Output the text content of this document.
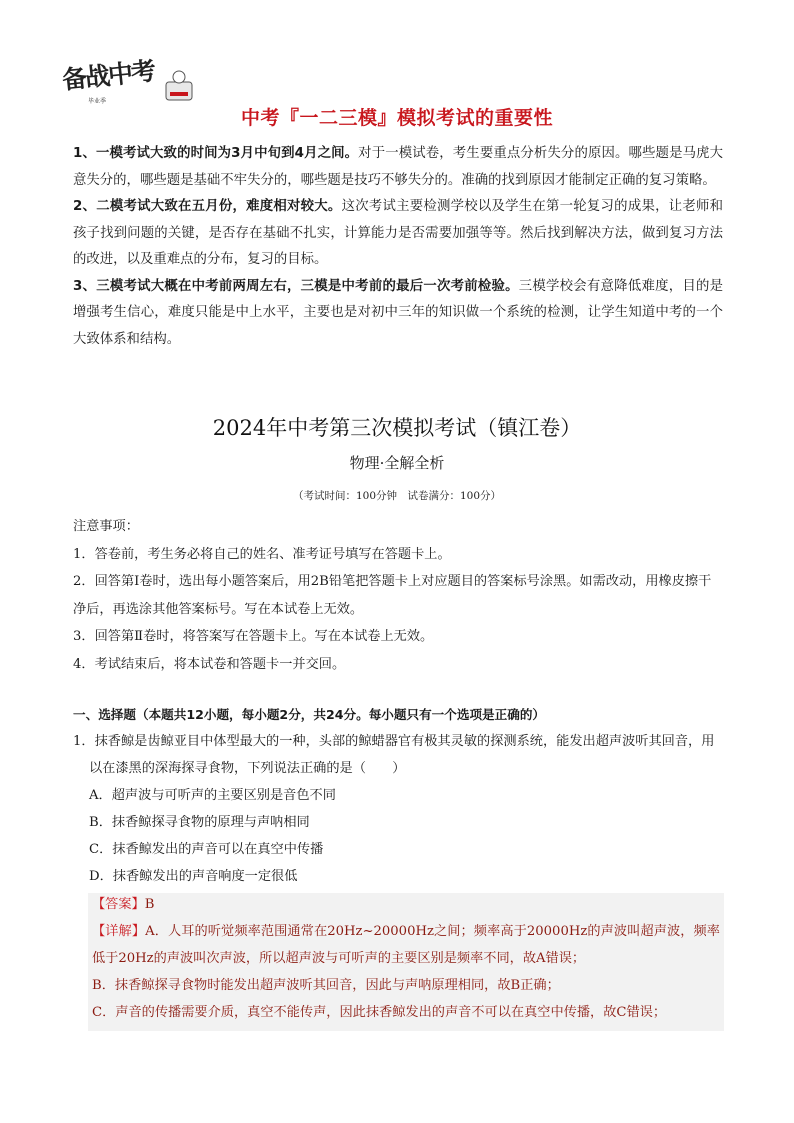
备战中考
毕业季
中考『一二三模』模拟考试的重要性

1、一模考试大致的时间为3月中旬到4月之间。对于一模试卷，考生要重点分析失分的原因。哪些题是马虎大意失分的，哪些题是基础不牢失分的，哪些题是技巧不够失分的。准确的找到原因才能制定正确的复习策略。

2、二模考试大致在五月份，难度相对较大。这次考试主要检测学校以及学生在第一轮复习的成果，让老师和孩子找到问题的关键，是否存在基础不扎实，计算能力是否需要加强等等。然后找到解决方法，做到复习方法的改进，以及重难点的分布，复习的目标。

3、三模考试大概在中考前两周左右，三模是中考前的最后一次考前检验。三模学校会有意降低难度，目的是增强考生信心，难度只能是中上水平，主要也是对初中三年的知识做一个系统的检测，让学生知道中考的一个大致体系和结构。

2024年中考第三次模拟考试（镇江卷）
物理·全解全析
（考试时间：100分钟　试卷满分：100分）
注意事项：
1．答卷前，考生务必将自己的姓名、准考证号填写在答题卡上。
2．回答第Ⅰ卷时，选出每小题答案后，用2B铅笔把答题卡上对应题目的答案标号涂黑。如需改动，用橡皮擦干净后，再选涂其他答案标号。写在本试卷上无效。
3．回答第Ⅱ卷时，将答案写在答题卡上。写在本试卷上无效。
4．考试结束后，将本试卷和答题卡一并交回。
一、选择题（本题共12小题，每小题2分，共24分。每小题只有一个选项是正确的）
1．抹香鲸是齿鲸亚目中体型最大的一种，头部的鲸蜡器官有极其灵敏的探测系统，能发出超声波听其回音，用以在漆黑的深海探寻食物，下列说法正确的是（　　）
A．超声波与可听声的主要区别是音色不同
B．抹香鲸探寻食物的原理与声呐相同
C．抹香鲸发出的声音可以在真空中传播
D．抹香鲸发出的声音响度一定很低
【答案】B
【详解】A．人耳的听觉频率范围通常在20Hz~20000Hz之间；频率高于20000Hz的声波叫超声波，频率低于20Hz的声波叫次声波，所以超声波与可听声的主要区别是频率不同，故A错误；
B．抹香鲸探寻食物时能发出超声波听其回音，因此与声呐原理相同，故B正确；
C．声音的传播需要介质，真空不能传声，因此抹香鲸发出的声音不可以在真空中传播，故C错误；
